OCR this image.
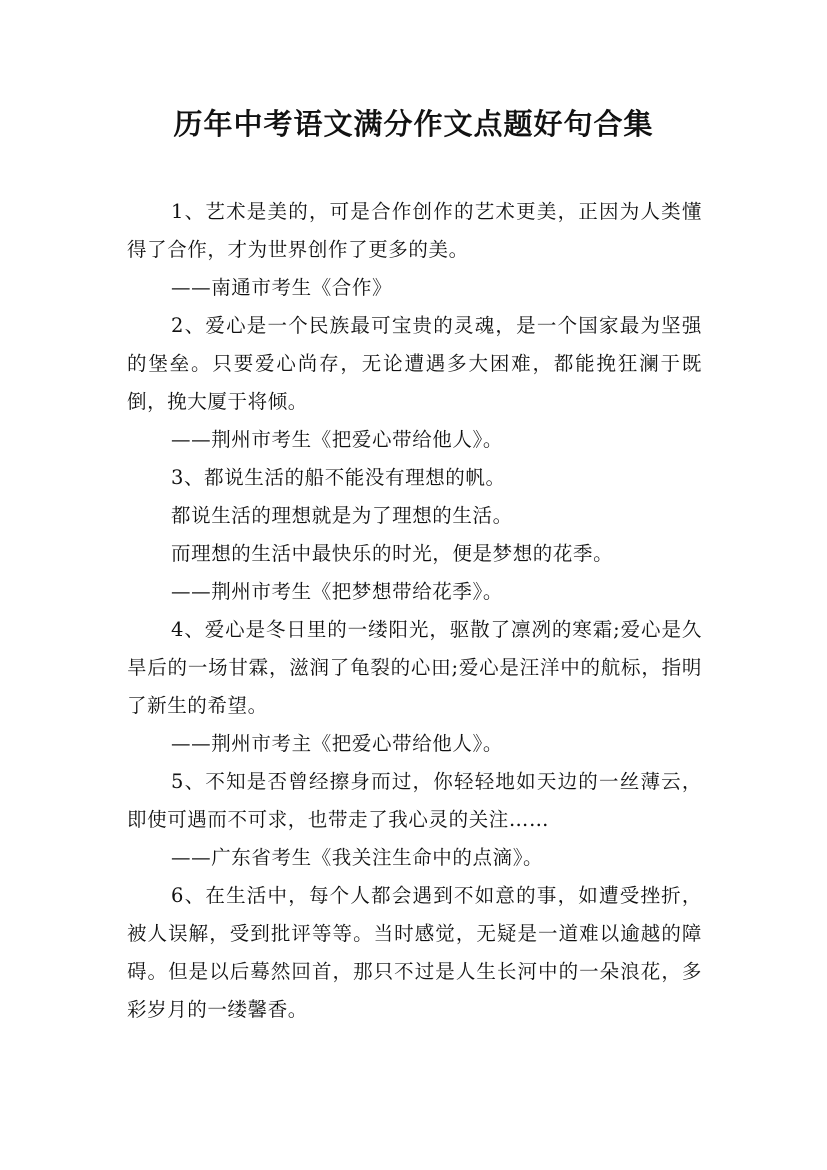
历年中考语文满分作文点题好句合集

1、艺术是美的，可是合作创作的艺术更美，正因为人类懂得了合作，才为世界创作了更多的美。

——南通市考生《合作》

2、爱心是一个民族最可宝贵的灵魂，是一个国家最为坚强的堡垒。只要爱心尚存，无论遭遇多大困难，都能挽狂澜于既倒，挽大厦于将倾。

——荆州市考生《把爱心带给他人》。

3、都说生活的船不能没有理想的帆。

都说生活的理想就是为了理想的生活。

而理想的生活中最快乐的时光，便是梦想的花季。

——荆州市考生《把梦想带给花季》。

4、爱心是冬日里的一缕阳光，驱散了凛冽的寒霜;爱心是久旱后的一场甘霖，滋润了龟裂的心田;爱心是汪洋中的航标，指明了新生的希望。

——荆州市考主《把爱心带给他人》。

5、不知是否曾经擦身而过，你轻轻地如天边的一丝薄云，即使可遇而不可求，也带走了我心灵的关注……

——广东省考生《我关注生命中的点滴》。

6、在生活中，每个人都会遇到不如意的事，如遭受挫折，被人误解，受到批评等等。当时感觉，无疑是一道难以逾越的障碍。但是以后蓦然回首，那只不过是人生长河中的一朵浪花，多彩岁月的一缕馨香。
